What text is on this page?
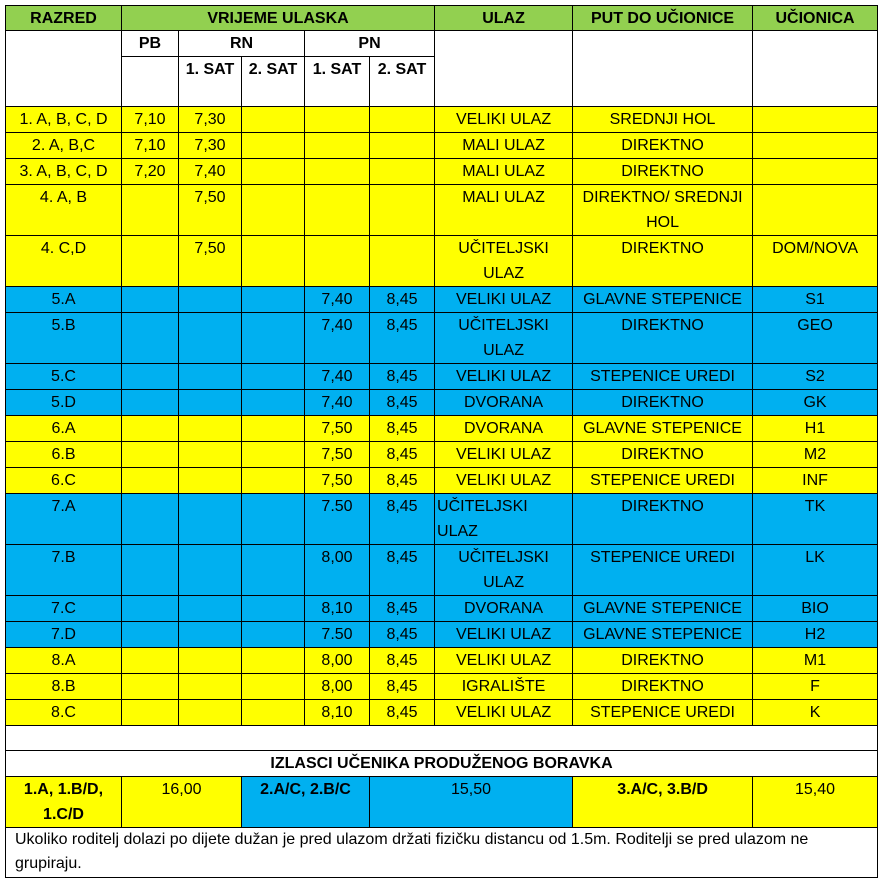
RAZRED	VRIJEME ULASKA					ULAZ	PUT DO UČIONICE	UČIONICA
	PB	RN		PN				
		1. SAT	2. SAT	1. SAT	2. SAT			
1. A, B, C, D	7,10	7,30				VELIKI ULAZ	SREDNJI HOL	
2. A, B,C	7,10	7,30				MALI ULAZ	DIREKTNO	
3. A, B, C, D	7,20	7,40				MALI ULAZ	DIREKTNO	
4. A, B		7,50				MALI ULAZ	DIREKTNO/ SREDNJI HOL	
4. C,D		7,50				UČITELJSKI ULAZ	DIREKTNO	DOM/NOVA
5.A				7,40	8,45	VELIKI ULAZ	GLAVNE STEPENICE	S1
5.B				7,40	8,45	UČITELJSKI ULAZ	DIREKTNO	GEO
5.C				7,40	8,45	VELIKI ULAZ	STEPENICE UREDI	S2
5.D				7,40	8,45	DVORANA	DIREKTNO	GK
6.A				7,50	8,45	DVORANA	GLAVNE STEPENICE	H1
6.B				7,50	8,45	VELIKI ULAZ	DIREKTNO	M2
6.C				7,50	8,45	VELIKI ULAZ	STEPENICE UREDI	INF
7.A				7.50	8,45	UČITELJSKI ULAZ	DIREKTNO	TK
7.B				8,00	8,45	UČITELJSKI ULAZ	STEPENICE UREDI	LK
7.C				8,10	8,45	DVORANA	GLAVNE STEPENICE	BIO
7.D				7.50	8,45	VELIKI ULAZ	GLAVNE STEPENICE	H2
8.A				8,00	8,45	VELIKI ULAZ	DIREKTNO	M1
8.B				8,00	8,45	IGRALIŠTE	DIREKTNO	F
8.C				8,10	8,45	VELIKI ULAZ	STEPENICE UREDI	K

IZLASCI UČENIKA PRODUŽENOG BORAVKA								
1.A, 1.B/D, 1.C/D	16,00		2.A/C, 2.B/C		15,50		3.A/C, 3.B/D	15,40
Ukoliko roditelj dolazi po dijete dužan je pred ulazom držati fizičku distancu od 1.5m. Roditelji se pred ulazom ne grupiraju.								
